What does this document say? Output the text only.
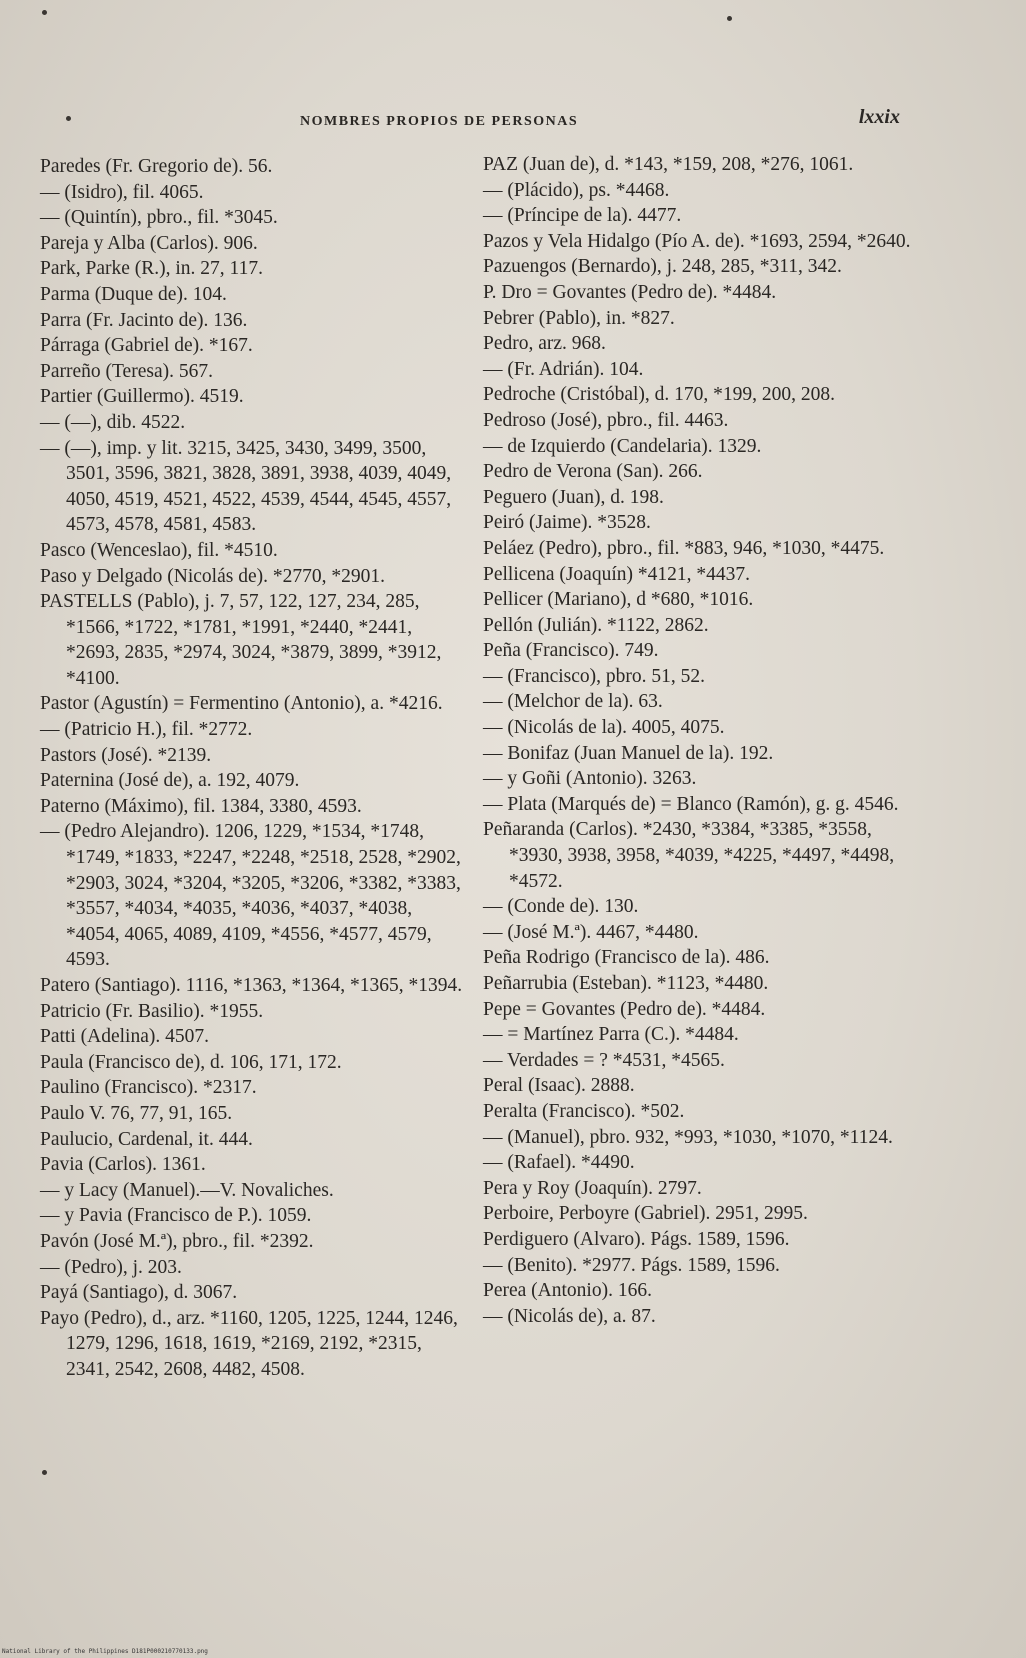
NOMBRES PROPIOS DE PERSONAS	lxxix

Paredes (Fr. Gregorio de). 56.

— (Isidro), fil. 4065.

— (Quintín), pbro., fil. *3045.

Pareja y Alba (Carlos). 906.

Park, Parke (R.), in. 27, 117.

Parma (Duque de). 104.

Parra (Fr. Jacinto de). 136.

Párraga (Gabriel de). *167.

Parreño (Teresa). 567.

Partier (Guillermo). 4519.

— (—), dib. 4522.

— (—), imp. y lit. 3215, 3425, 3430, 3499, 3500, 3501, 3596, 3821, 3828, 3891, 3938, 4039, 4049, 4050, 4519, 4521, 4522, 4539, 4544, 4545, 4557, 4573, 4578, 4581, 4583.

Pasco (Wenceslao), fil. *4510.

Paso y Delgado (Nicolás de). *2770, *2901.

PASTELLS (Pablo), j. 7, 57, 122, 127, 234, 285, *1566, *1722, *1781, *1991, *2440, *2441, *2693, 2835, *2974, 3024, *3879, 3899, *3912, *4100.

Pastor (Agustín) = Fermentino (Antonio), a. *4216.

— (Patricio H.), fil. *2772.

Pastors (José). *2139.

Paternina (José de), a. 192, 4079.

Paterno (Máximo), fil. 1384, 3380, 4593.

— (Pedro Alejandro). 1206, 1229, *1534, *1748, *1749, *1833, *2247, *2248, *2518, 2528, *2902, *2903, 3024, *3204, *3205, *3206, *3382, *3383, *3557, *4034, *4035, *4036, *4037, *4038, *4054, 4065, 4089, 4109, *4556, *4577, 4579, 4593.

Patero (Santiago). 1116, *1363, *1364, *1365, *1394.

Patricio (Fr. Basilio). *1955.

Patti (Adelina). 4507.

Paula (Francisco de), d. 106, 171, 172.

Paulino (Francisco). *2317.

Paulo V. 76, 77, 91, 165.

Paulucio, Cardenal, it. 444.

Pavia (Carlos). 1361.

— y Lacy (Manuel).—V. Novaliches.

— y Pavia (Francisco de P.). 1059.

Pavón (José M.ª), pbro., fil. *2392.

— (Pedro), j. 203.

Payá (Santiago), d. 3067.

Payo (Pedro), d., arz. *1160, 1205, 1225, 1244, 1246, 1279, 1296, 1618, 1619, *2169, 2192, *2315, 2341, 2542, 2608, 4482, 4508.

PAZ (Juan de), d. *143, *159, 208, *276, 1061.

— (Plácido), ps. *4468.

— (Príncipe de la). 4477.

Pazos y Vela Hidalgo (Pío A. de). *1693, 2594, *2640.

Pazuengos (Bernardo), j. 248, 285, *311, 342.

P. Dro = Govantes (Pedro de). *4484.

Pebrer (Pablo), in. *827.

Pedro, arz. 968.

— (Fr. Adrián). 104.

Pedroche (Cristóbal), d. 170, *199, 200, 208.

Pedroso (José), pbro., fil. 4463.

— de Izquierdo (Candelaria). 1329.

Pedro de Verona (San). 266.

Peguero (Juan), d. 198.

Peiró (Jaime). *3528.

Peláez (Pedro), pbro., fil. *883, 946, *1030, *4475.

Pellicena (Joaquín) *4121, *4437.

Pellicer (Mariano), d *680, *1016.

Pellón (Julián). *1122, 2862.

Peña (Francisco). 749.

— (Francisco), pbro. 51, 52.

— (Melchor de la). 63.

— (Nicolás de la). 4005, 4075.

— Bonifaz (Juan Manuel de la). 192.

— y Goñi (Antonio). 3263.

— Plata (Marqués de) = Blanco (Ramón), g. g. 4546.

Peñaranda (Carlos). *2430, *3384, *3385, *3558, *3930, 3938, 3958, *4039, *4225, *4497, *4498, *4572.

— (Conde de). 130.

— (José M.ª). 4467, *4480.

Peña Rodrigo (Francisco de la). 486.

Peñarrubia (Esteban). *1123, *4480.

Pepe = Govantes (Pedro de). *4484.

— = Martínez Parra (C.). *4484.

— Verdades = ? *4531, *4565.

Peral (Isaac). 2888.

Peralta (Francisco). *502.

— (Manuel), pbro. 932, *993, *1030, *1070, *1124.

— (Rafael). *4490.

Pera y Roy (Joaquín). 2797.

Perboire, Perboyre (Gabriel). 2951, 2995.

Perdiguero (Alvaro). Págs. 1589, 1596.

— (Benito). *2977. Págs. 1589, 1596.

Perea (Antonio). 166.

— (Nicolás de), a. 87.

National Library of the Philippines D181P000210770133.png
